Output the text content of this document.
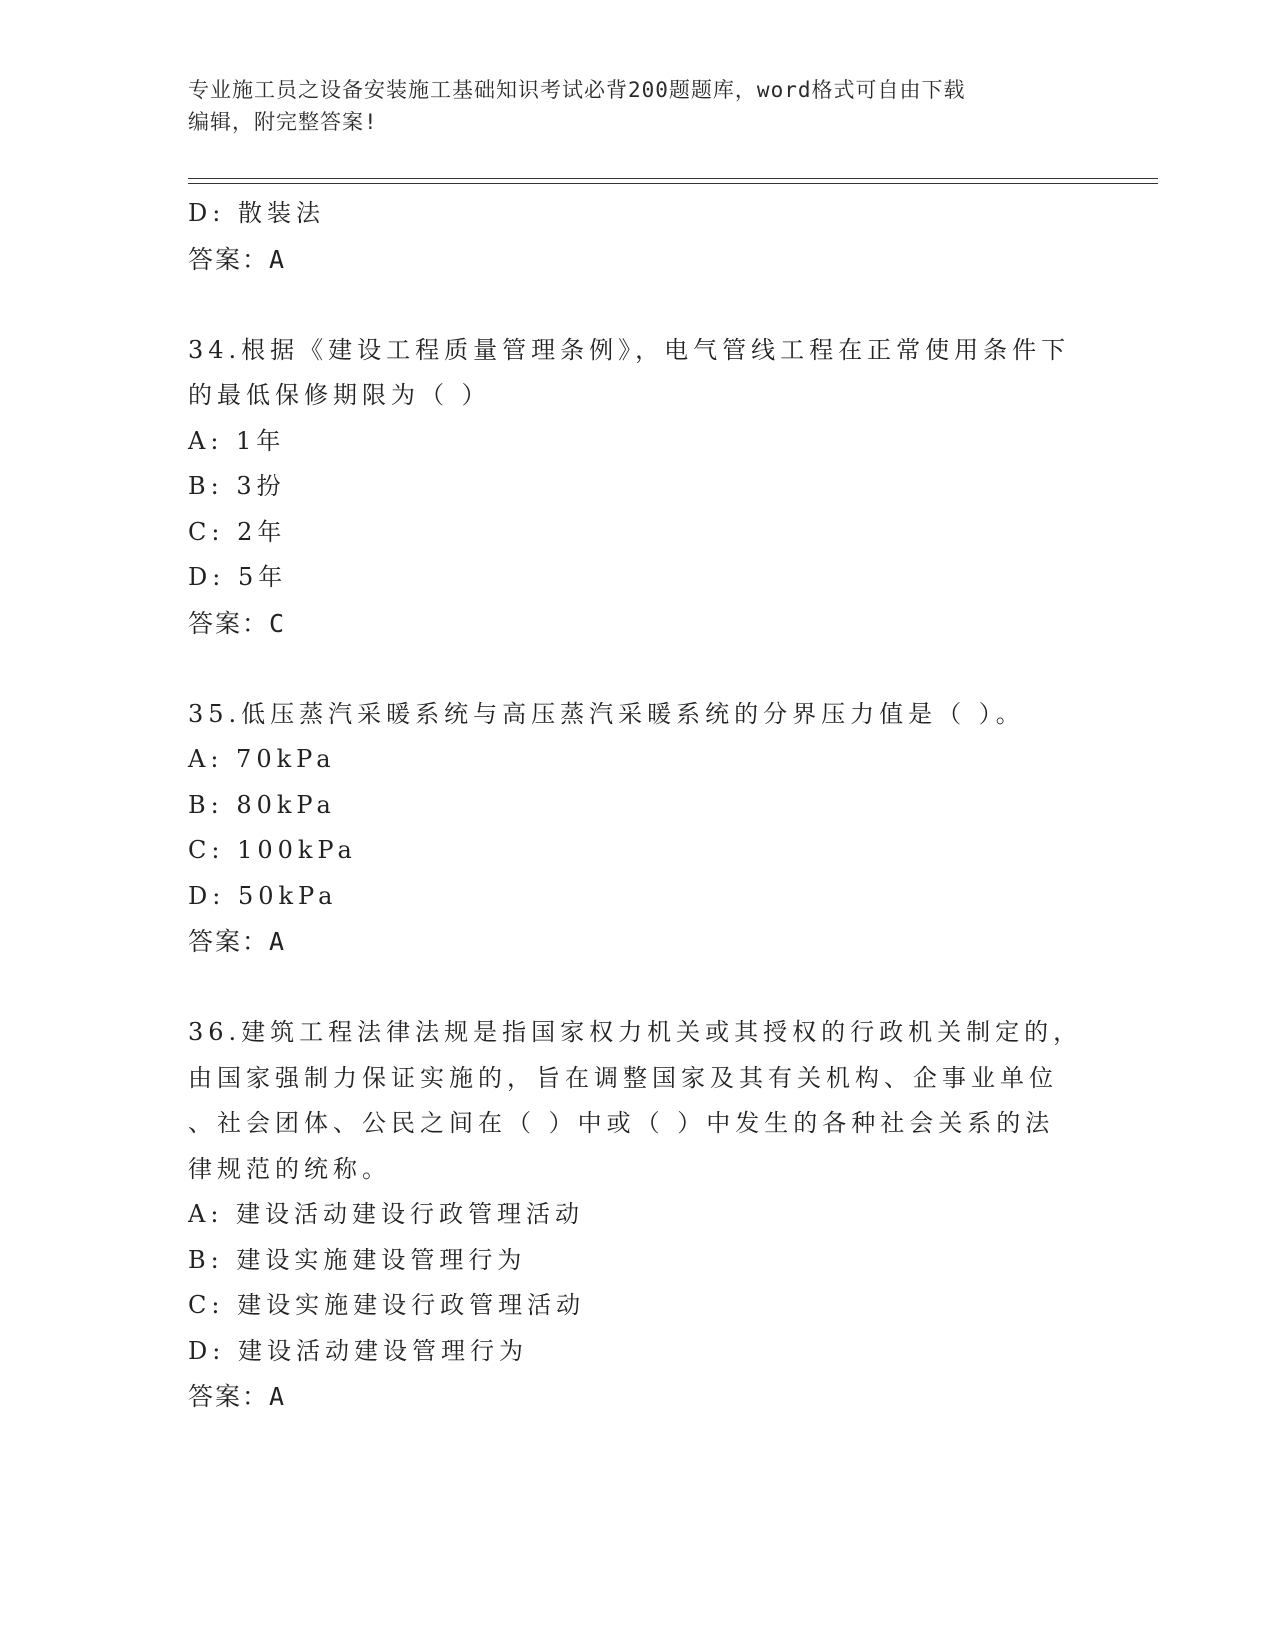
专业施工员之设备安装施工基础知识考试必背200题题库，word格式可自由下载
编辑，附完整答案!
D: 散装法
答案：A
34.根据《建设工程质量管理条例》，电气管线工程在正常使用条件下
的最低保修期限为（ ）
A: 1年
B: 3扮
C: 2年
D: 5年
答案：C
35.低压蒸汽采暖系统与高压蒸汽采暖系统的分界压力值是（ ）。
A: 70kPa
B: 80kPa
C: 100kPa
D: 50kPa
答案：A
36.建筑工程法律法规是指国家权力机关或其授权的行政机关制定的，
由国家强制力保证实施的，旨在调整国家及其有关机构、企事业单位
、社会团体、公民之间在（ ）中或（ ）中发生的各种社会关系的法
律规范的统称。
A: 建设活动建设行政管理活动
B: 建设实施建设管理行为
C: 建设实施建设行政管理活动
D: 建设活动建设管理行为
答案：A
